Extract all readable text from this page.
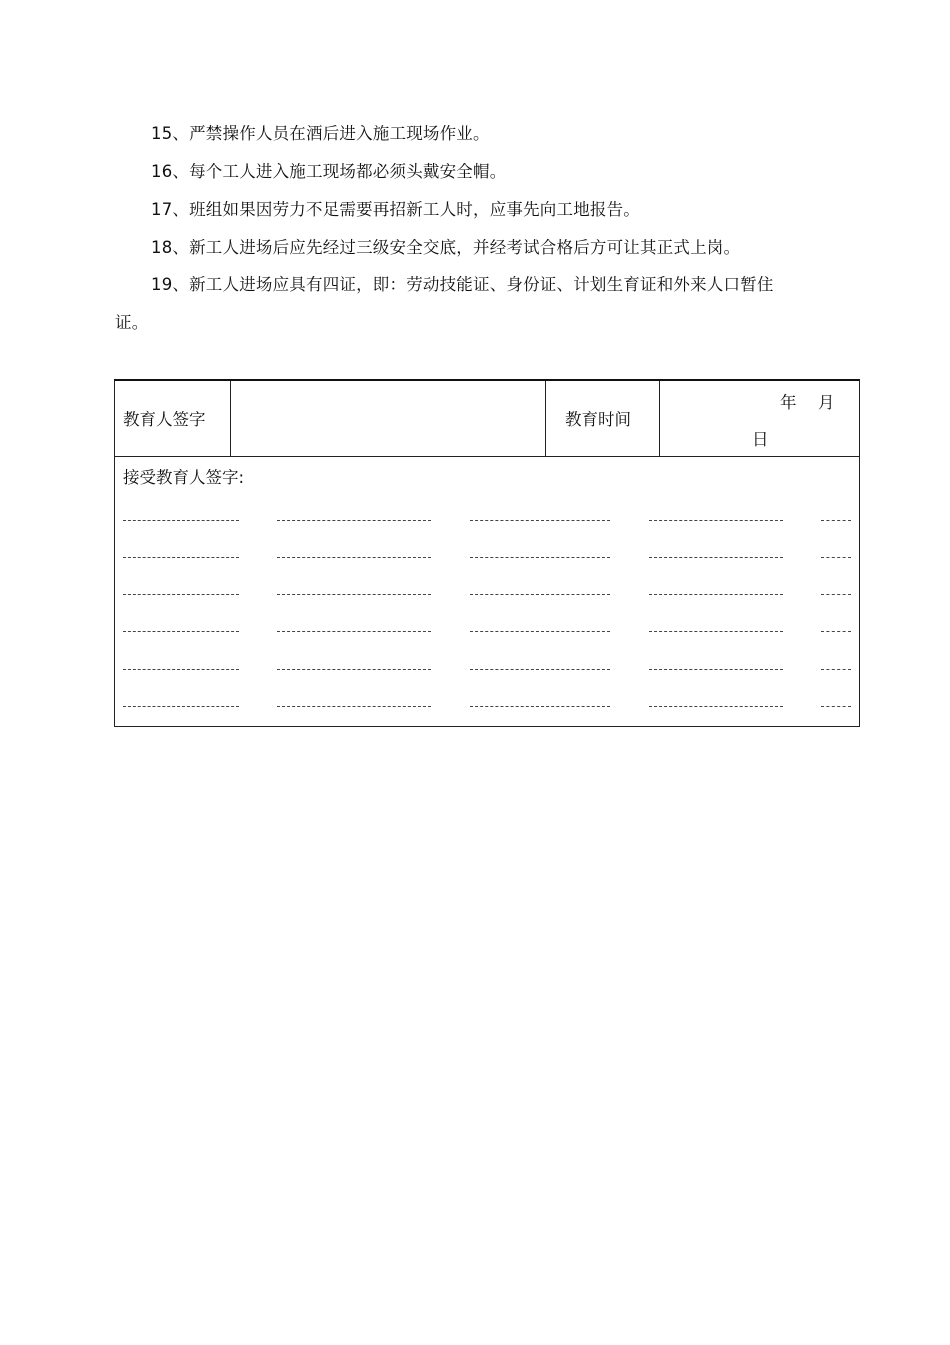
15、严禁操作人员在酒后进入施工现场作业。

16、每个工人进入施工现场都必须头戴安全帽。

17、班组如果因劳力不足需要再招新工人时，应事先向工地报告。

18、新工人进场后应先经过三级安全交底，并经考试合格后方可让其正式上岗。

19、新工人进场应具有四证，即：劳动技能证、身份证、计划生育证和外来人口暂住

证。

教育人签字	教育时间
年 月
日
接受教育人签字:
